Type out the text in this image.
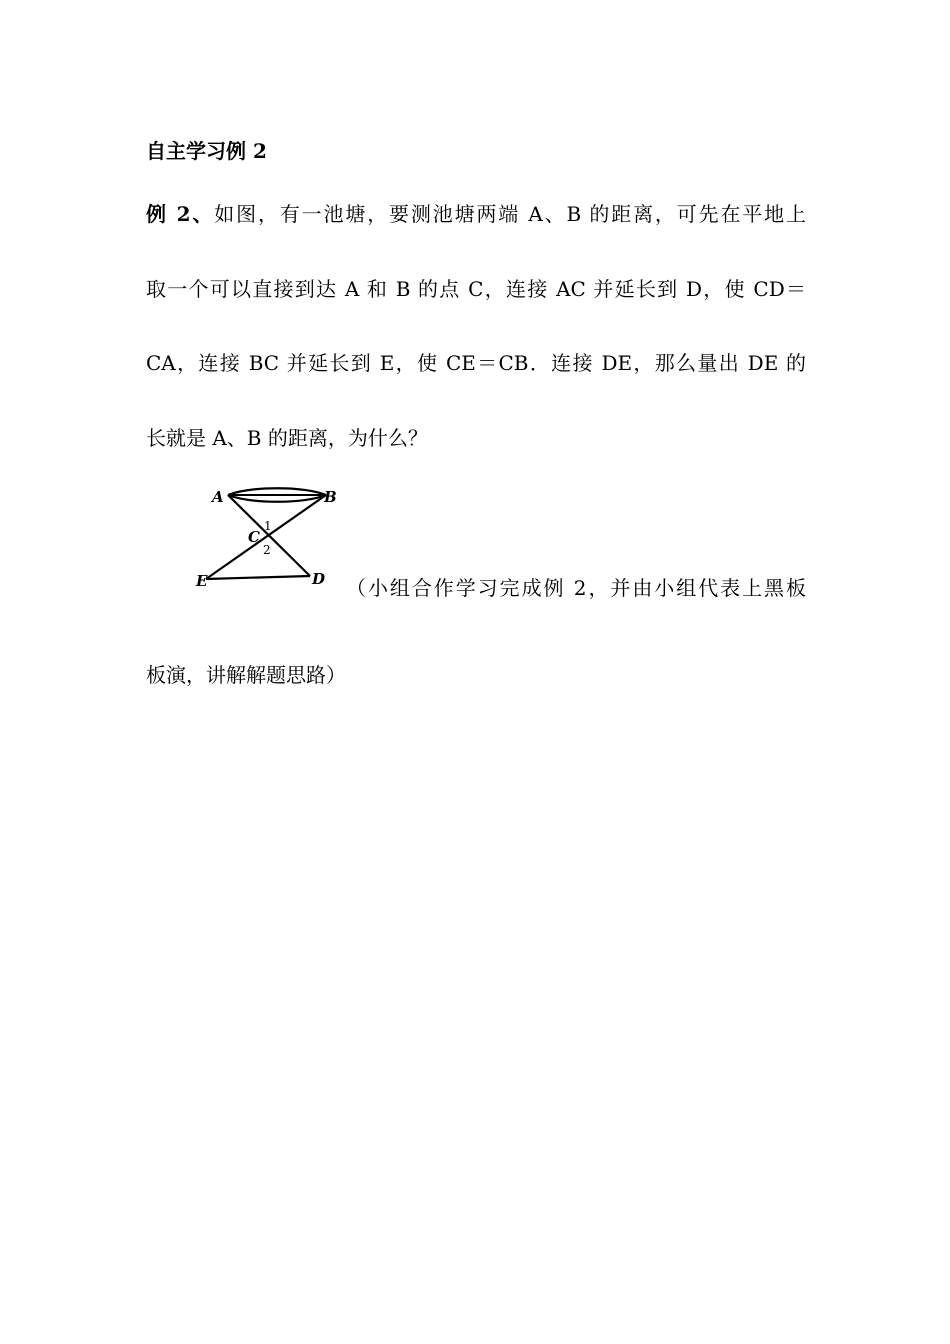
自主学习例 2
例 2、如图，有一池塘，要测池塘两端 A、B 的距离，可先在平地上
取一个可以直接到达 A 和 B 的点 C，连接 AC 并延长到 D，使 CD＝
CA，连接 BC 并延长到 E，使 CE＝CB．连接 DE，那么量出 DE 的
长就是 A、B 的距离，为什么？
A	B
C
E	D
1
2
（小组合作学习完成例 2，并由小组代表上黑板
板演，讲解解题思路）
